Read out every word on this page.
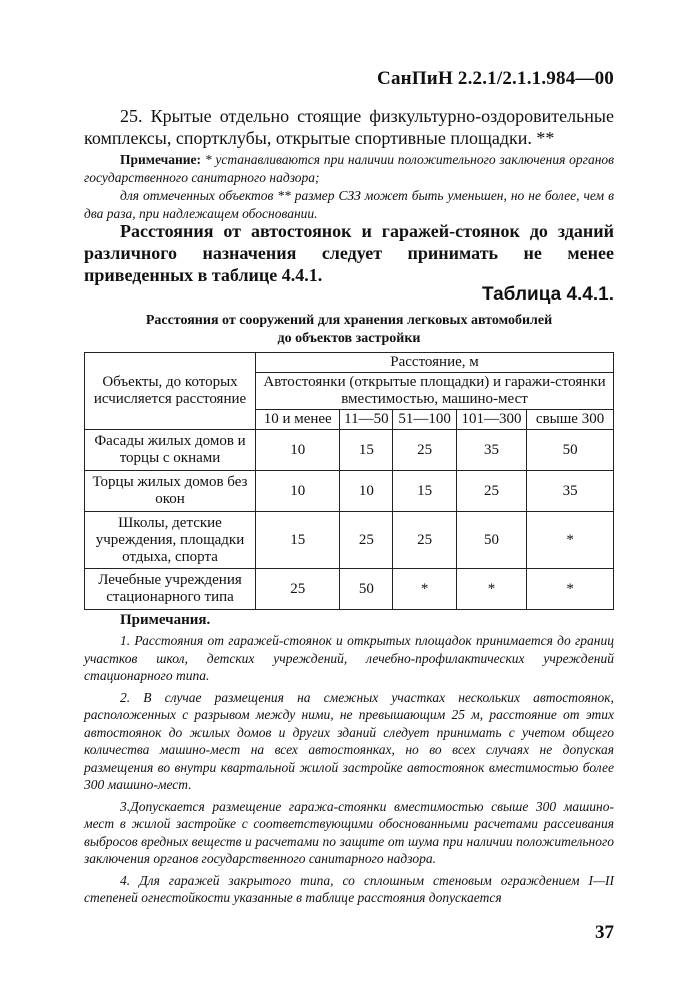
СанПиН 2.2.1/2.1.1.984—00
25. Крытые отдельно стоящие физкультурно-оздоровительные комплексы, спортклубы, открытые спортивные площадки. **
Примечание: * устанавливаются при наличии положительного заключения органов государственного санитарного надзора;
для отмеченных объектов ** размер СЗЗ может быть уменьшен, но не более, чем в два раза, при надлежащем обосновании.
Расстояния от автостоянок и гаражей-стоянок до зданий различного назначения следует принимать не менее приведенных в таблице 4.4.1.
Таблица 4.4.1.
Расстояния от сооружений для хранения легковых автомобилей
до объектов застройки
Объекты, до которых исчисляется расстояние	Расстояние, м				
	Автостоянки (открытые площадки) и гаражи-стоянки вместимостью, машино-мест				
	10 и менее	11—50	51—100	101—300	свыше 300
Фасады жилых домов и торцы с окнами	10	15	25	35	50
Торцы жилых домов без окон	10	10	15	25	35
Школы, детские учреждения, площадки отдыха, спорта	15	25	25	50	*
Лечебные учреждения стационарного типа	25	50	*	*	*
Примечания.

1. Расстояния от гаражей-стоянок и открытых площадок принимается до границ участков школ, детских учреждений, лечебно-профилактических учреждений стационарного типа.

2. В случае размещения на смежных участках нескольких автостоянок, расположенных с разрывом между ними, не превышающим 25 м, расстояние от этих автостоянок до жилых домов и других зданий следует принимать с учетом общего количества машино-мест на всех автостоянках, но во всех случаях не допуская размещения во внутри квартальной жилой застройке автостоянок вместимостью более 300 машино-мест.

3.Допускается размещение гаража-стоянки вместимостью свыше 300 машино-мест в жилой застройке с соответствующими обоснованными расчетами рассеивания выбросов вредных веществ и расчетами по защите от шума при наличии положительного заключения органов государственного санитарного надзора.

4. Для гаражей закрытого типа, со сплошным стеновым ограждением I—II степеней огнестойкости указанные в таблице расстояния допускается

37
